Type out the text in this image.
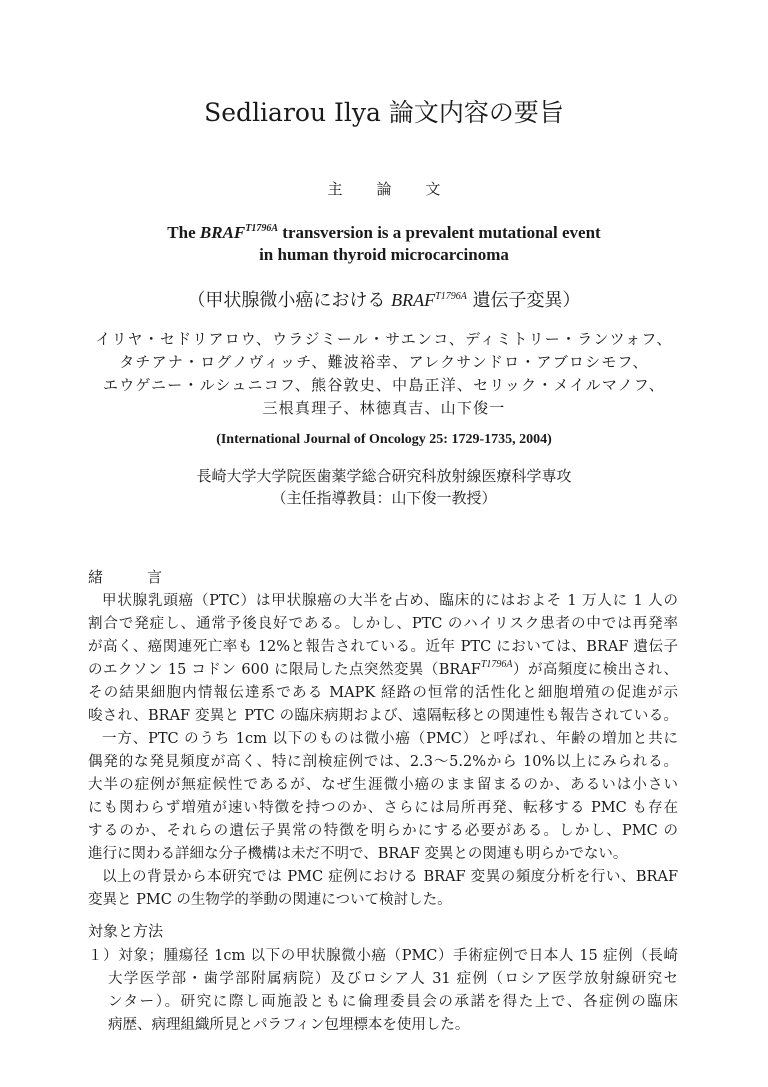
Sedliarou Ilya 論文内容の要旨
主 論 文
The $BRAF^{T1796A}$ transversion is a prevalent mutational event
in human thyroid microcarcinoma
（甲状腺微小癌における $BRAF^{T1796A}$ 遺伝子変異）
イリヤ・セドリアロウ、ウラジミール・サエンコ、ディミトリー・ランツォフ、
タチアナ・ログノヴィッチ、難波裕幸、アレクサンドロ・アブロシモフ、
エウゲニー・ルシュニコフ、熊谷敦史、中島正洋、セリック・メイルマノフ、
三根真理子、林徳真吉、山下俊一
(International Journal of Oncology 25: 1729-1735, 2004)
長崎大学大学院医歯薬学総合研究科放射線医療科学専攻
（主任指導教員：山下俊一教授）
緒	言
甲状腺乳頭癌（PTC）は甲状腺癌の大半を占め、臨床的にはおよそ 1 万人に 1 人の
割合で発症し、通常予後良好である。しかし、PTC のハイリスク患者の中では再発率
が高く、癌関連死亡率も 12%と報告されている。近年 PTC においては、BRAF 遺伝子
のエクソン 15 コドン 600 に限局した点突然変異$(BRAF^{T1796A})$が高頻度に検出され、
その結果細胞内情報伝達系である MAPK 経路の恒常的活性化と細胞増殖の促進が示
唆され、BRAF 変異と PTC の臨床病期および、遠隔転移との関連性も報告されている。
一方、PTC のうち 1cm 以下のものは微小癌（PMC）と呼ばれ、年齢の増加と共に
偶発的な発見頻度が高く、特に剖検症例では、2.3～5.2%から 10%以上にみられる。
大半の症例が無症候性であるが、なぜ生涯微小癌のまま留まるのか、あるいは小さい
にも関わらず増殖が速い特徴を持つのか、さらには局所再発、転移する PMC も存在
するのか、それらの遺伝子異常の特徴を明らかにする必要がある。しかし、PMC の
進行に関わる詳細な分子機構は未だ不明で、BRAF 変異との関連も明らかでない。
以上の背景から本研究では PMC 症例における BRAF 変異の頻度分析を行い、BRAF
変異と PMC の生物学的挙動の関連について検討した。
対象と方法
１）対象；腫瘍径 1cm 以下の甲状腺微小癌（PMC）手術症例で日本人 15 症例（長崎
大学医学部・歯学部附属病院）及びロシア人 31 症例（ロシア医学放射線研究セ
ンター）。研究に際し両施設ともに倫理委員会の承諾を得た上で、各症例の臨床
病歴、病理組織所見とパラフィン包埋標本を使用した。
